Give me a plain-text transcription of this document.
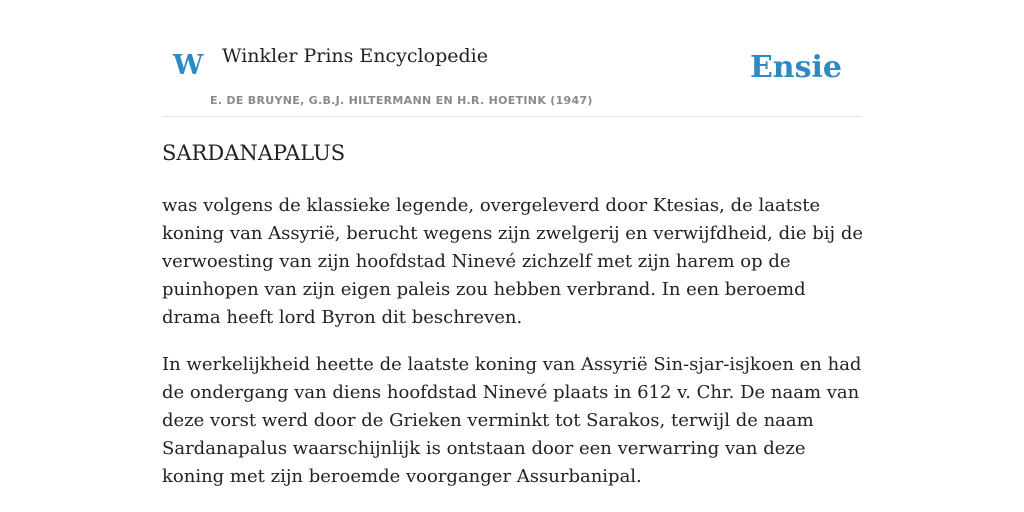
W Winkler Prins Encyclopedie
E. DE BRUYNE, G.B.J. HILTERMANN EN H.R. HOETINK (1947)
Ensie
SARDANAPALUS

was volgens de klassieke legende, overgeleverd door Ktesias, de laatste koning van Assyrië, berucht wegens zijn zwelgerij en verwijfdheid, die bij de verwoesting van zijn hoofdstad Ninevé zichzelf met zijn harem op de puinhopen van zijn eigen paleis zou hebben verbrand. In een beroemd drama heeft lord Byron dit beschreven.

In werkelijkheid heette de laatste koning van Assyrië Sin-sjar-isjkoen en had de ondergang van diens hoofdstad Ninevé plaats in 612 v. Chr. De naam van deze vorst werd door de Grieken verminkt tot Sarakos, terwijl de naam Sardanapalus waarschijnlijk is ontstaan door een verwarring van deze koning met zijn beroemde voorganger Assurbanipal.
